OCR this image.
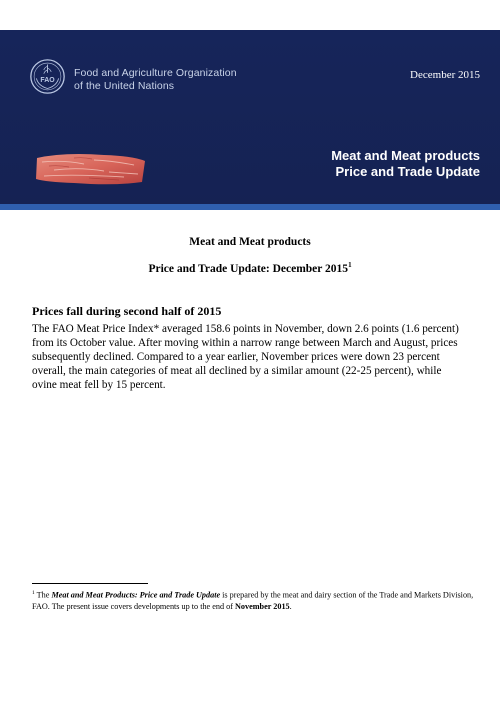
FAO
Food and Agriculture Organization
of the United Nations
December 2015
Meat and Meat products
Price and Trade Update
Meat and Meat products
Price and Trade Update: December 2015$^1$
Prices fall during second half of 2015
The FAO Meat Price Index* averaged 158.6 points in November, down 2.6 points (1.6 percent)
from its October value. After moving within a narrow range between March and August, prices
subsequently declined. Compared to a year earlier, November prices were down 23 percent
overall, the main categories of meat all declined by a similar amount (22-25 percent), while
ovine meat fell by 15 percent.
$^1$ The Meat and Meat Products: Price and Trade Update is prepared by the meat and dairy section of the Trade and Markets Division,
FAO. The present issue covers developments up to the end of November 2015.
